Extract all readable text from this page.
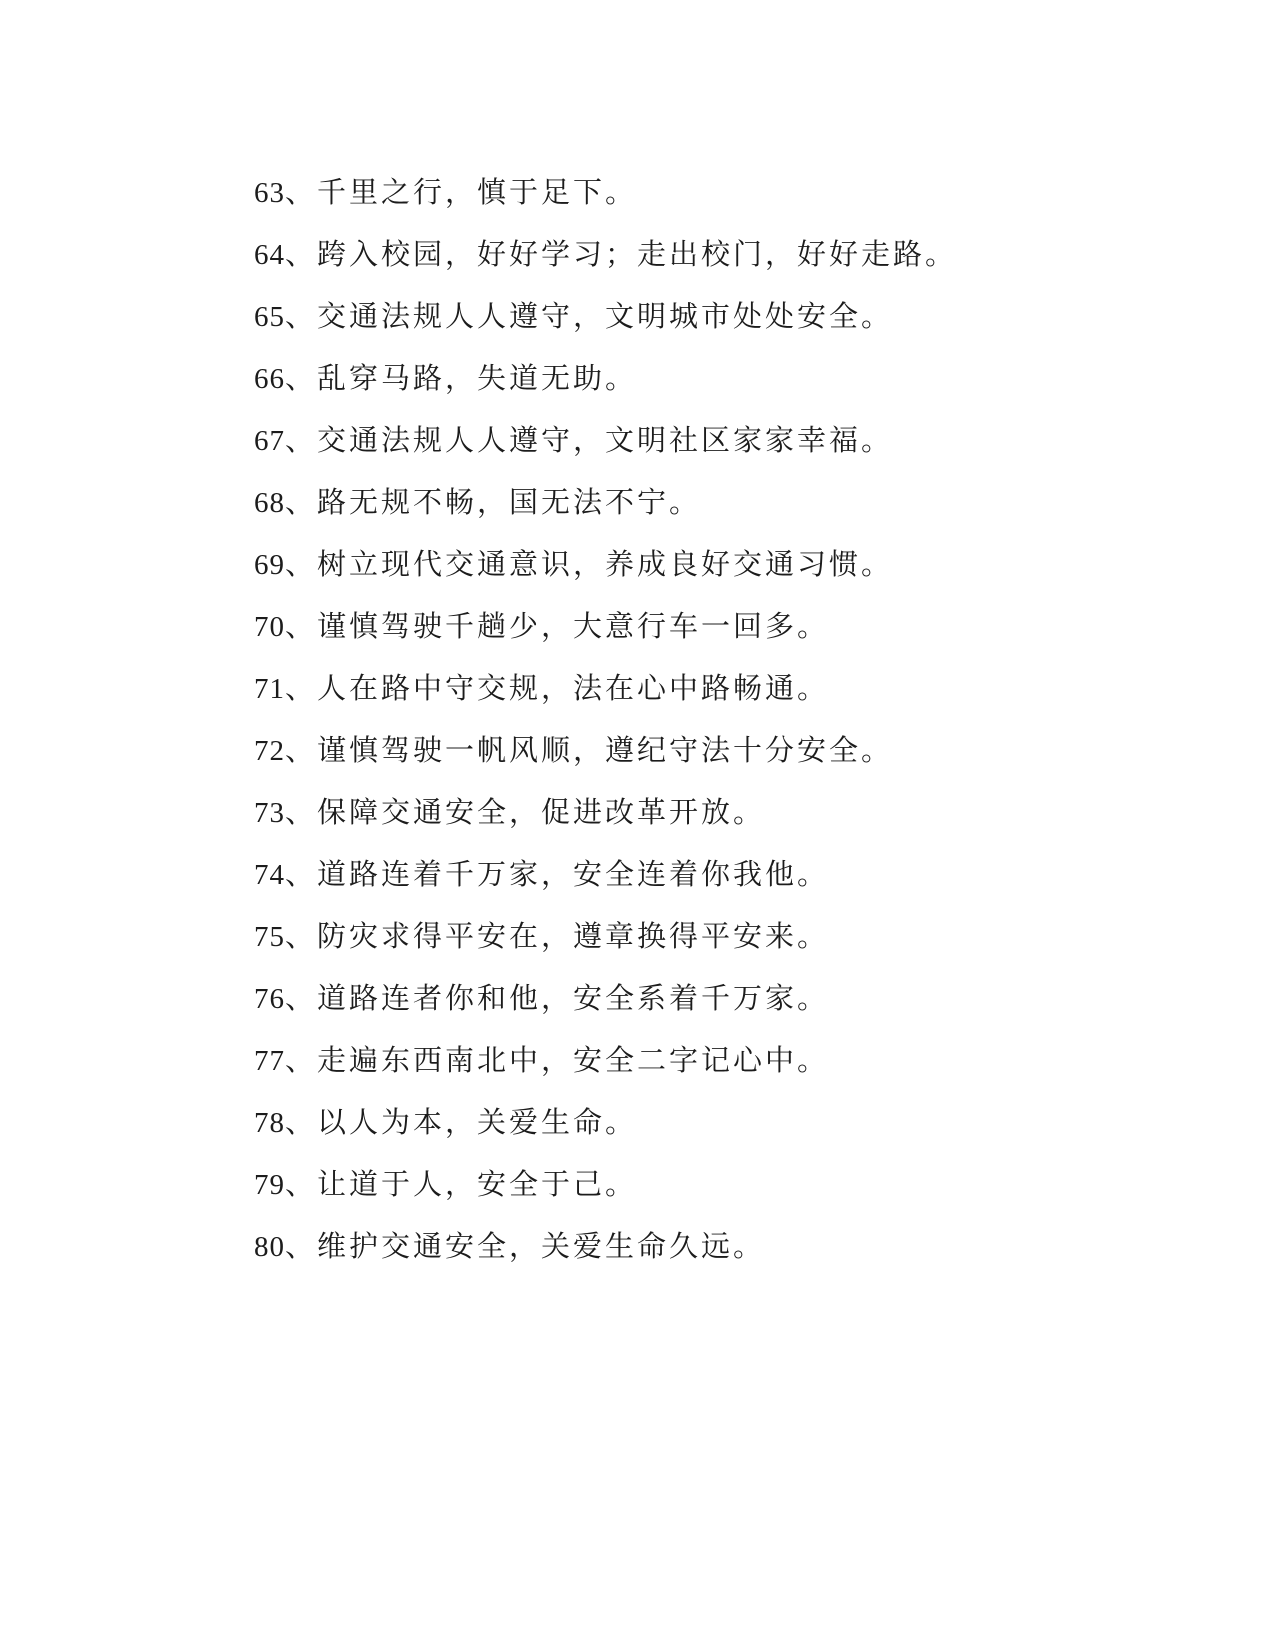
63、千里之行，慎于足下。
64、跨入校园，好好学习；走出校门，好好走路。
65、交通法规人人遵守，文明城市处处安全。
66、乱穿马路，失道无助。
67、交通法规人人遵守，文明社区家家幸福。
68、路无规不畅，国无法不宁。
69、树立现代交通意识，养成良好交通习惯。
70、谨慎驾驶千趟少，大意行车一回多。
71、人在路中守交规，法在心中路畅通。
72、谨慎驾驶一帆风顺，遵纪守法十分安全。
73、保障交通安全，促进改革开放。
74、道路连着千万家，安全连着你我他。
75、防灾求得平安在，遵章换得平安来。
76、道路连者你和他，安全系着千万家。
77、走遍东西南北中，安全二字记心中。
78、以人为本，关爱生命。
79、让道于人，安全于己。
80、维护交通安全，关爱生命久远。
